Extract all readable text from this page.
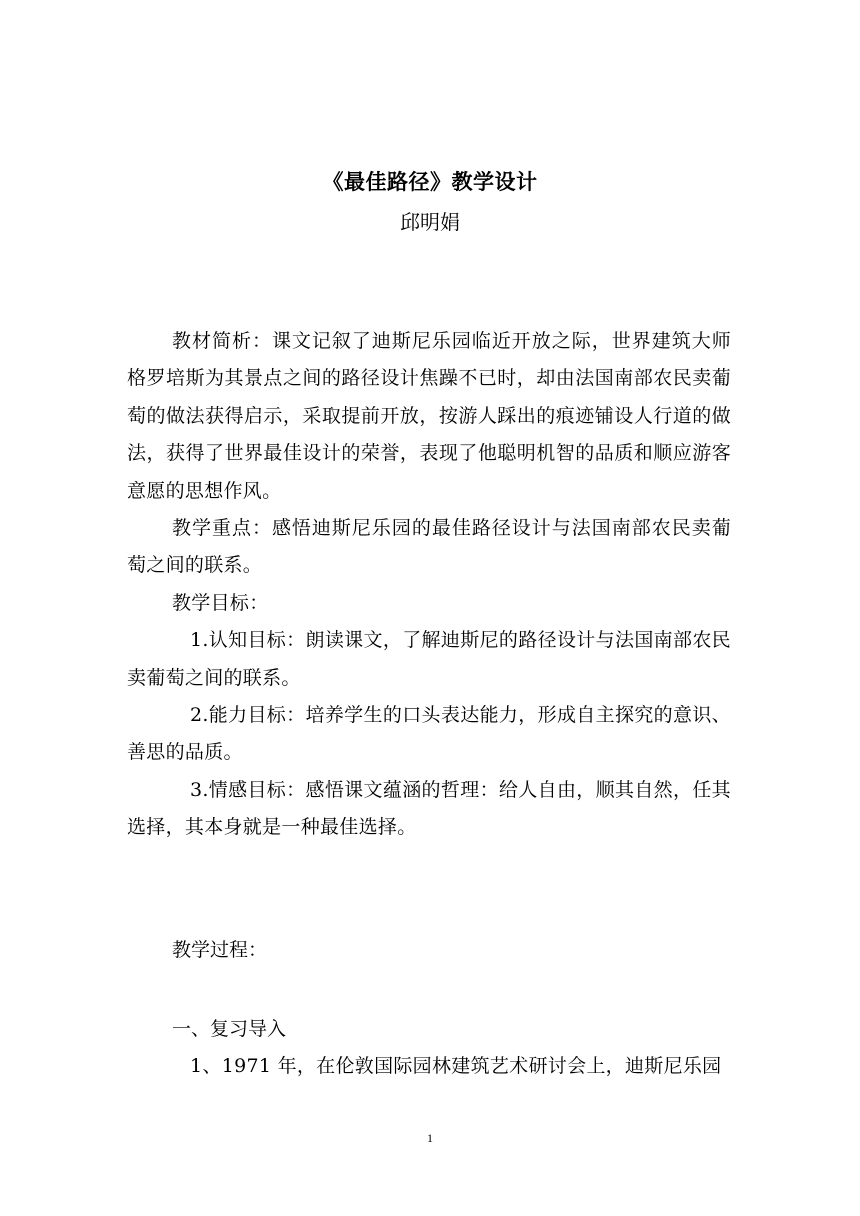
《最佳路径》教学设计
邱明娟

教材简析：课文记叙了迪斯尼乐园临近开放之际，世界建筑大师格罗培斯为其景点之间的路径设计焦躁不已时，却由法国南部农民卖葡萄的做法获得启示，采取提前开放，按游人踩出的痕迹铺设人行道的做法，获得了世界最佳设计的荣誉，表现了他聪明机智的品质和顺应游客意愿的思想作风。

教学重点：感悟迪斯尼乐园的最佳路径设计与法国南部农民卖葡萄之间的联系。

教学目标：

1.认知目标：朗读课文，了解迪斯尼的路径设计与法国南部农民卖葡萄之间的联系。

2.能力目标：培养学生的口头表达能力，形成自主探究的意识、善思的品质。

3.情感目标：感悟课文蕴涵的哲理：给人自由，顺其自然，任其选择，其本身就是一种最佳选择。

教学过程：

一、复习导入

1、1971 年，在伦敦国际园林建筑艺术研讨会上，迪斯尼乐园

1
